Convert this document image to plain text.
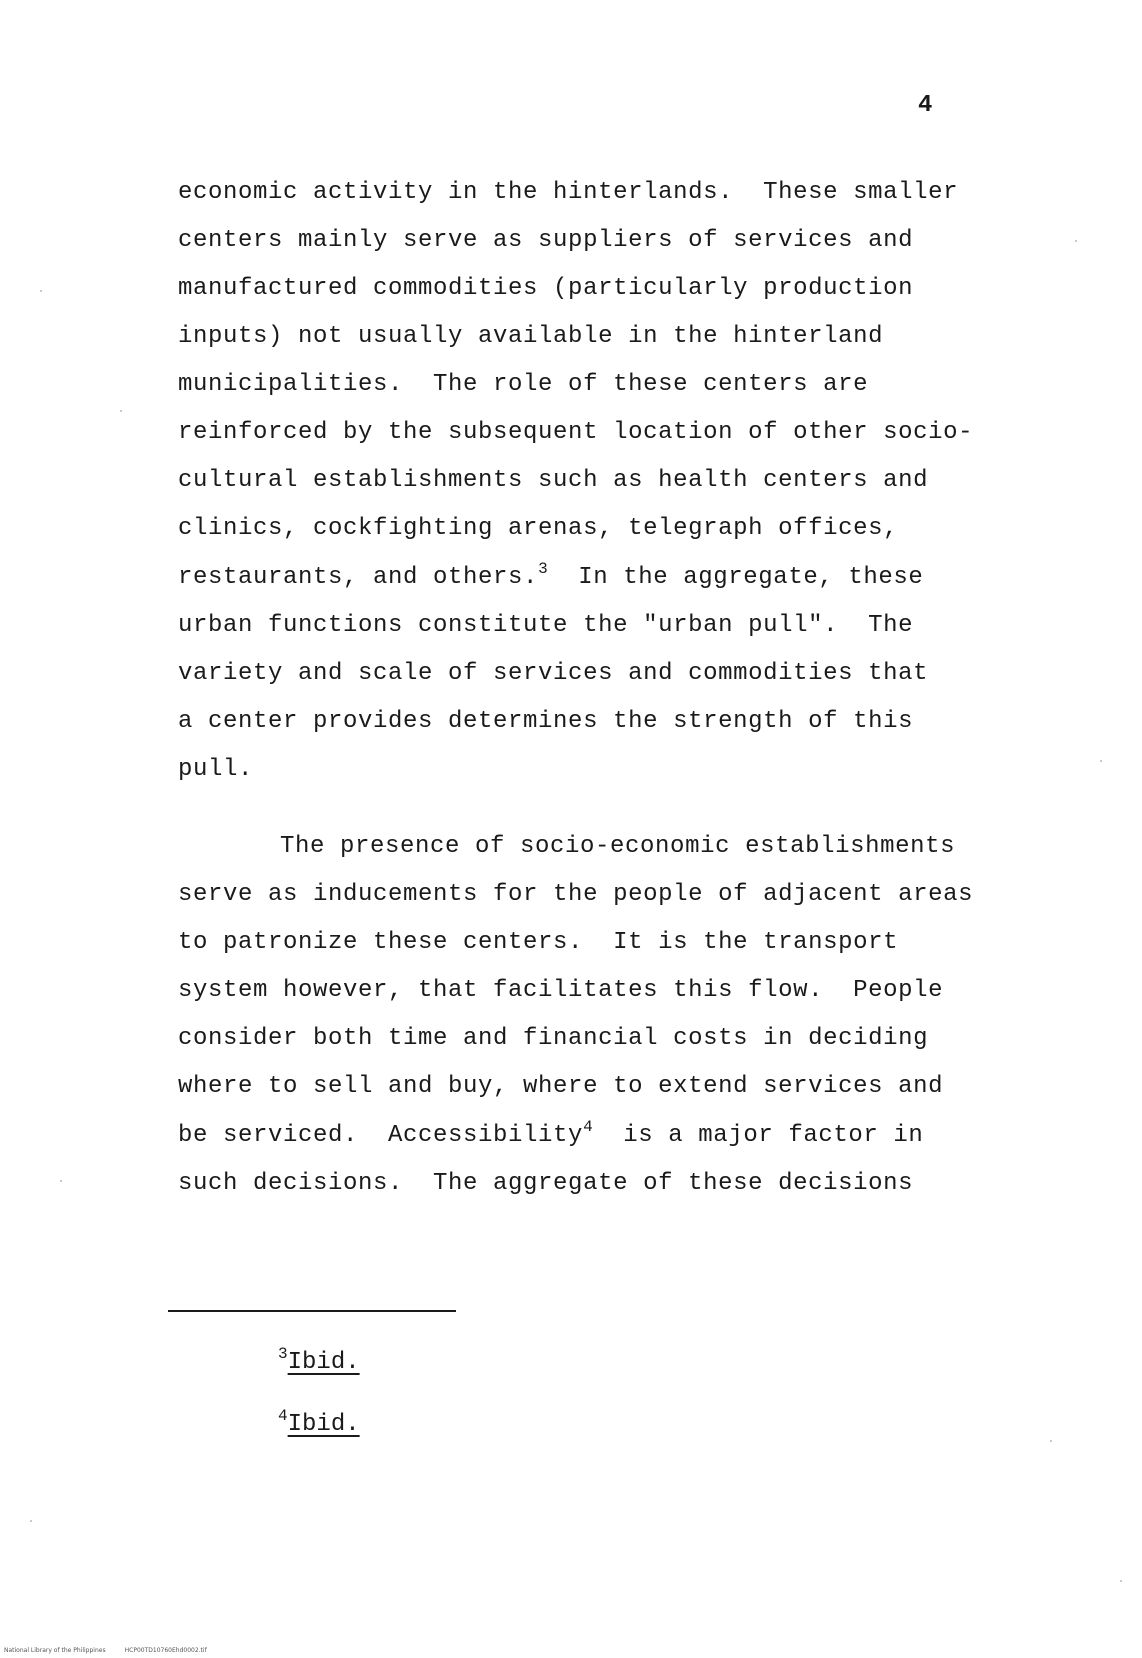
4
economic activity in the hinterlands.  These smaller
centers mainly serve as suppliers of services and
manufactured commodities (particularly production
inputs) not usually available in the hinterland
municipalities.  The role of these centers are
reinforced by the subsequent location of other socio-
cultural establishments such as health centers and
clinics, cockfighting arenas, telegraph offices,
restaurants, and others.$^3$ In the aggregate, these
urban functions constitute the "urban pull".  The
variety and scale of services and commodities that
a center provides determines the strength of this
pull.
The presence of socio-economic establishments
serve as inducements for the people of adjacent areas
to patronize these centers.  It is the transport
system however, that facilitates this flow.  People
consider both time and financial costs in deciding
where to sell and buy, where to extend services and
be serviced.  Accessibility$^4$ is a major factor in
such decisions.  The aggregate of these decisions
$^3$Ibid.
$^4$Ibid.
National Library of the Philippines	HCP00TD10760Ehd0002.tif
